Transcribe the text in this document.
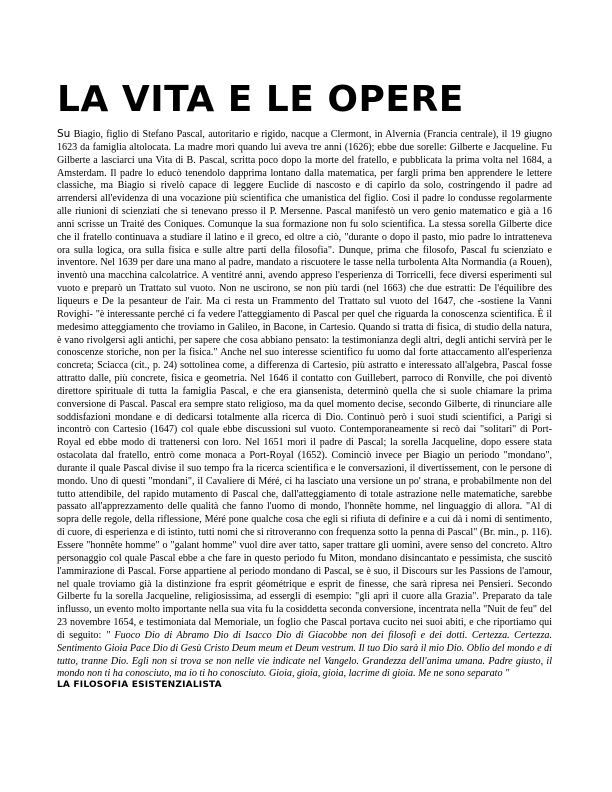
LA VITA E LE OPERE

Su Biagio, figlio di Stefano Pascal, autoritario e rigido, nacque a Clermont, in Alvernia (Francia centrale), il 19 giugno 1623 da famiglia altolocata. La madre morì quando lui aveva tre anni (1626); ebbe due sorelle: Gilberte e Jacqueline. Fu Gilberte a lasciarci una Vita di B. Pascal, scritta poco dopo la morte del fratello, e pubblicata la prima volta nel 1684, a Amsterdam. Il padre lo educò tenendolo dapprima lontano dalla matematica, per fargli prima ben apprendere le lettere classiche, ma Biagio si rivelò capace di leggere Euclide di nascosto e di capirlo da solo, costringendo il padre ad arrendersi all'evidenza di una vocazione più scientifica che umanistica del figlio. Così il padre lo condusse regolarmente alle riunioni di scienziati che si tenevano presso il P. Mersenne. Pascal manifestò un vero genio matematico e già a 16 anni scrisse un Traité des Coniques. Comunque la sua formazione non fu solo scientifica. La stessa sorella Gilberte dice che il fratello continuava a studiare il latino e il greco, ed oltre a ciò, "durante o dopo il pasto, mio padre lo intratteneva ora sulla logica, ora sulla fisica e sulle altre parti della filosofia". Dunque, prima che filosofo, Pascal fu scienziato e inventore. Nel 1639 per dare una mano al padre, mandato a riscuotere le tasse nella turbolenta Alta Normandia (a Rouen), inventò una macchina calcolatrice. A ventitré anni, avendo appreso l'esperienza di Torricelli, fece diversi esperimenti sul vuoto e preparò un Trattato sul vuoto. Non ne uscirono, se non più tardi (nel 1663) che due estratti: De l'équilibre des liqueurs e De la pesanteur de l'air. Ma ci resta un Frammento del Trattato sul vuoto del 1647, che -sostiene la Vanni Rovighi- "è interessante perché ci fa vedere l'atteggiamento di Pascal per quel che riguarda la conoscenza scientifica. È il medesimo atteggiamento che troviamo in Galileo, in Bacone, in Cartesio. Quando si tratta di fisica, di studio della natura, è vano rivolgersi agli antichi, per sapere che cosa abbiano pensato: la testimonianza degli altri, degli antichi servirà per le conoscenze storiche, non per la fisica." Anche nel suo interesse scientifico fu uomo dal forte attaccamento all'esperienza concreta; Sciacca (cit., p. 24) sottolinea come, a differenza di Cartesio, più astratto e interessato all'algebra, Pascal fosse attratto dalle, più concrete, fisica e geometria. Nel 1646 il contatto con Guillebert, parroco di Ronville, che poi diventò direttore spirituale di tutta la famiglia Pascal, e che era giansenista, determinò quella che si suole chiamare la prima conversione di Pascal. Pascal era sempre stato religioso, ma da quel momento decise, secondo Gilberte, di rinunciare alle soddisfazioni mondane e di dedicarsi totalmente alla ricerca di Dio. Continuò però i suoi studi scientifici, a Parigi si incontrò con Cartesio (1647) col quale ebbe discussioni sul vuoto. Contemporaneamente si recò dai "solitari" di Port-Royal ed ebbe modo di trattenersi con loro. Nel 1651 morì il padre di Pascal; la sorella Jacqueline, dopo essere stata ostacolata dal fratello, entrò come monaca a Port-Royal (1652). Cominciò invece per Biagio un periodo "mondano", durante il quale Pascal divise il suo tempo fra la ricerca scientifica e le conversazioni, il divertissement, con le persone di mondo. Uno di questi "mondani", il Cavaliere di Méré, ci ha lasciato una versione un po' strana, e probabilmente non del tutto attendibile, del rapido mutamento di Pascal che, dall'atteggiamento di totale astrazione nelle matematiche, sarebbe passato all'apprezzamento delle qualità che fanno l'uomo di mondo, l'honnête homme, nel linguaggio di allora. "Al di sopra delle regole, della riflessione, Méré pone qualche cosa che egli si rifiuta di definire e a cui dà i nomi di sentimento, di cuore, di esperienza e di istinto, tutti nomi che si ritroveranno con frequenza sotto la penna di Pascal" (Br. min., p. 116). Essere "honnête homme" o "galant homme" vuol dire aver tatto, saper trattare gli uomini, avere senso del concreto. Altro personaggio col quale Pascal ebbe a che fare in questo periodo fu Miton, mondano disincantato e pessimista, che suscitò l'ammirazione di Pascal. Forse appartiene al periodo mondano di Pascal, se è suo, il Discours sur les Passions de l'amour, nel quale troviamo già la distinzione fra esprit géométrique e esprit de finesse, che sarà ripresa nei Pensieri. Secondo Gilberte fu la sorella Jacqueline, religiosissima, ad essergli di esempio: "gli aprì il cuore alla Grazia". Preparato da tale influsso, un evento molto importante nella sua vita fu la cosiddetta seconda conversione, incentrata nella "Nuit de feu" del 23 novembre 1654, e testimoniata dal Memoriale, un foglio che Pascal portava cucito nei suoi abiti, e che riportiamo qui di seguito: " Fuoco Dio di Abramo Dio di Isacco Dio di Giacobbe non dei filosofi e dei dotti. Certezza. Certezza. Sentimento Gioia Pace Dio di Gesù Cristo Deum meum et Deum vestrum. Il tuo Dio sarà il mio Dio. Oblio del mondo e di tutto, tranne Dio. Egli non si trova se non nelle vie indicate nel Vangelo. Grandezza dell'anima umana. Padre giusto, il mondo non ti ha conosciuto, ma io ti ho conosciuto. Gioia, gioia, gioia, lacrime di gioia. Me ne sono separato "

LA FILOSOFIA ESISTENZIALISTA
